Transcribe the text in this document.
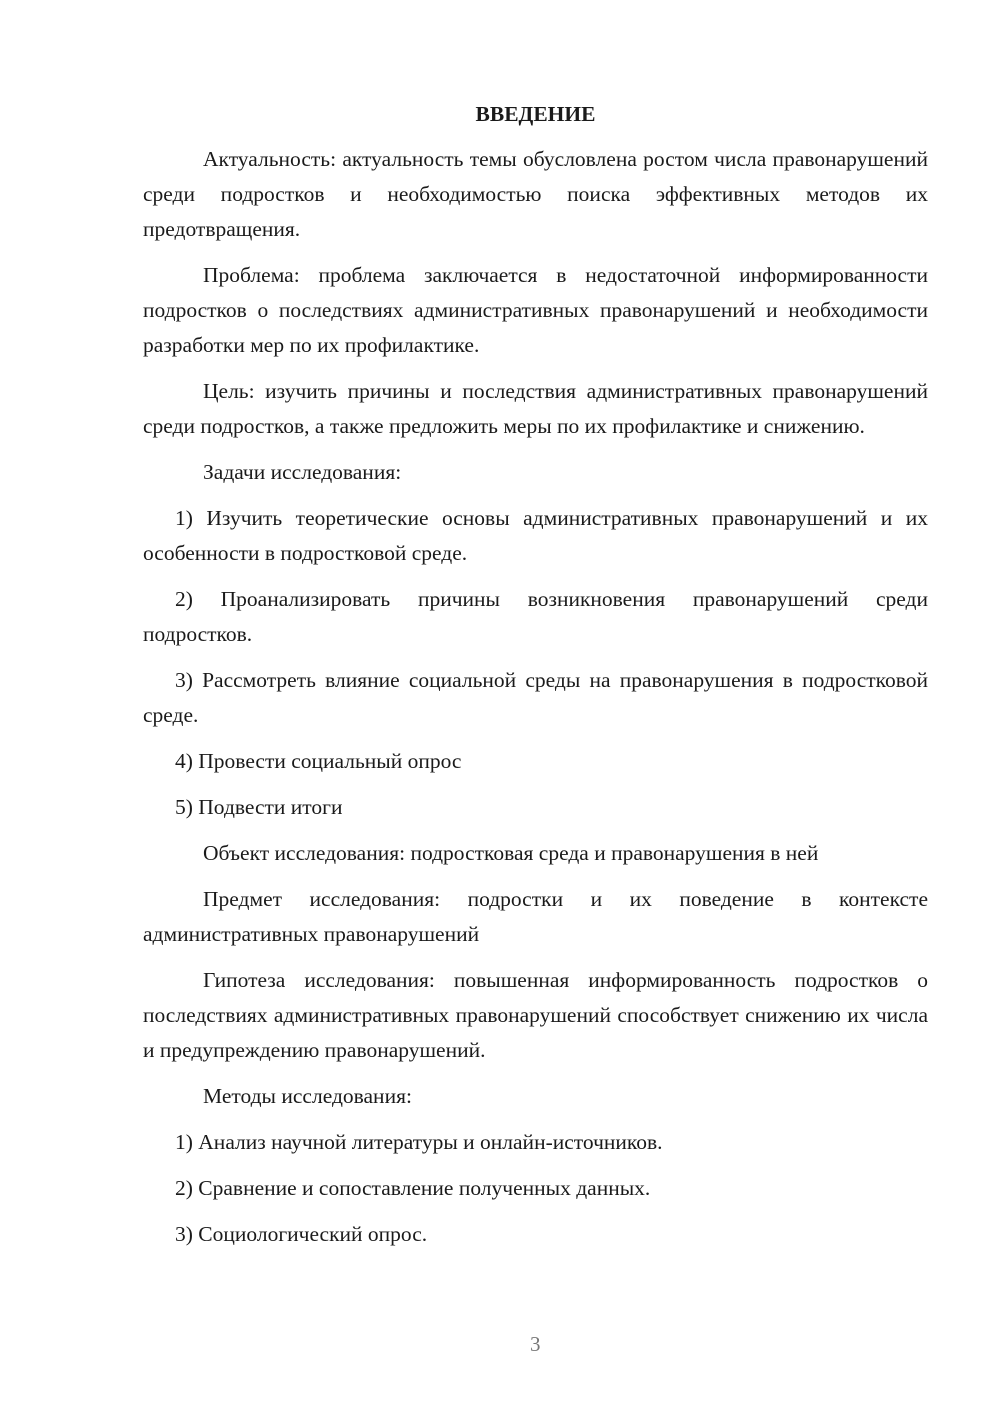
ВВЕДЕНИЕ

Актуальность: актуальность темы обусловлена ростом числа правонарушений среди подростков и необходимостью поиска эффективных методов их предотвращения.

Проблема: проблема заключается в недостаточной информированности подростков о последствиях административных правонарушений и необходимости разработки мер по их профилактике.

Цель: изучить причины и последствия административных правонарушений среди подростков, а также предложить меры по их профилактике и снижению.

Задачи исследования:

1) Изучить теоретические основы административных правонарушений и их особенности в подростковой среде.

2) Проанализировать причины возникновения правонарушений среди подростков.

3) Рассмотреть влияние социальной среды на правонарушения в подростковой среде.

4) Провести социальный опрос

5) Подвести итоги

Объект исследования: подростковая среда и правонарушения в ней

Предмет исследования: подростки и их поведение в контексте административных правонарушений

Гипотеза исследования: повышенная информированность подростков о последствиях административных правонарушений способствует снижению их числа и предупреждению правонарушений.

Методы исследования:

1) Анализ научной литературы и онлайн-источников.

2) Сравнение и сопоставление полученных данных.

3) Социологический опрос.

3
